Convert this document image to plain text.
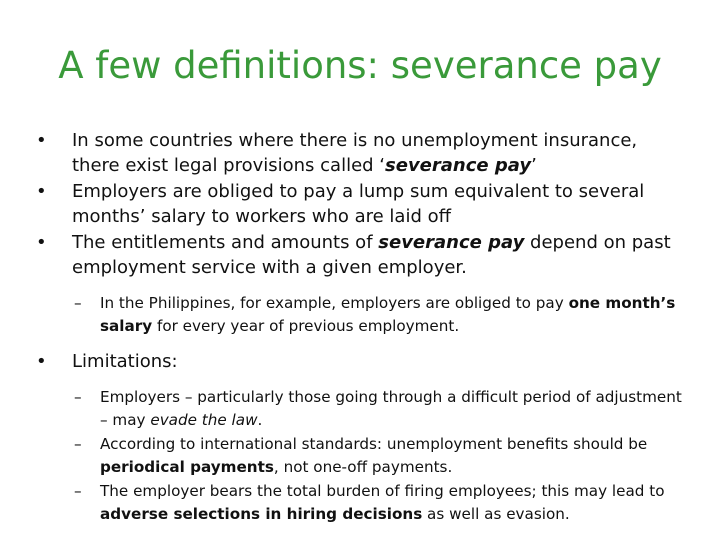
A few definitions: severance pay
•	In some countries where there is no unemployment insurance, there exist legal provisions called ‘severance pay’
•	Employers are obliged to pay a lump sum equivalent to several months’ salary to workers who are laid off
•	The entitlements and amounts of severance pay depend on past employment service with a given employer.
– In the Philippines, for example, employers are obliged to pay one month’s salary for every year of previous employment.
•	Limitations:
– Employers – particularly those going through a difficult period of adjustment – may evade the law.
– According to international standards: unemployment benefits should be periodical payments, not one-off payments.
– The employer bears the total burden of firing employees; this may lead to adverse selections in hiring decisions as well as evasion.
